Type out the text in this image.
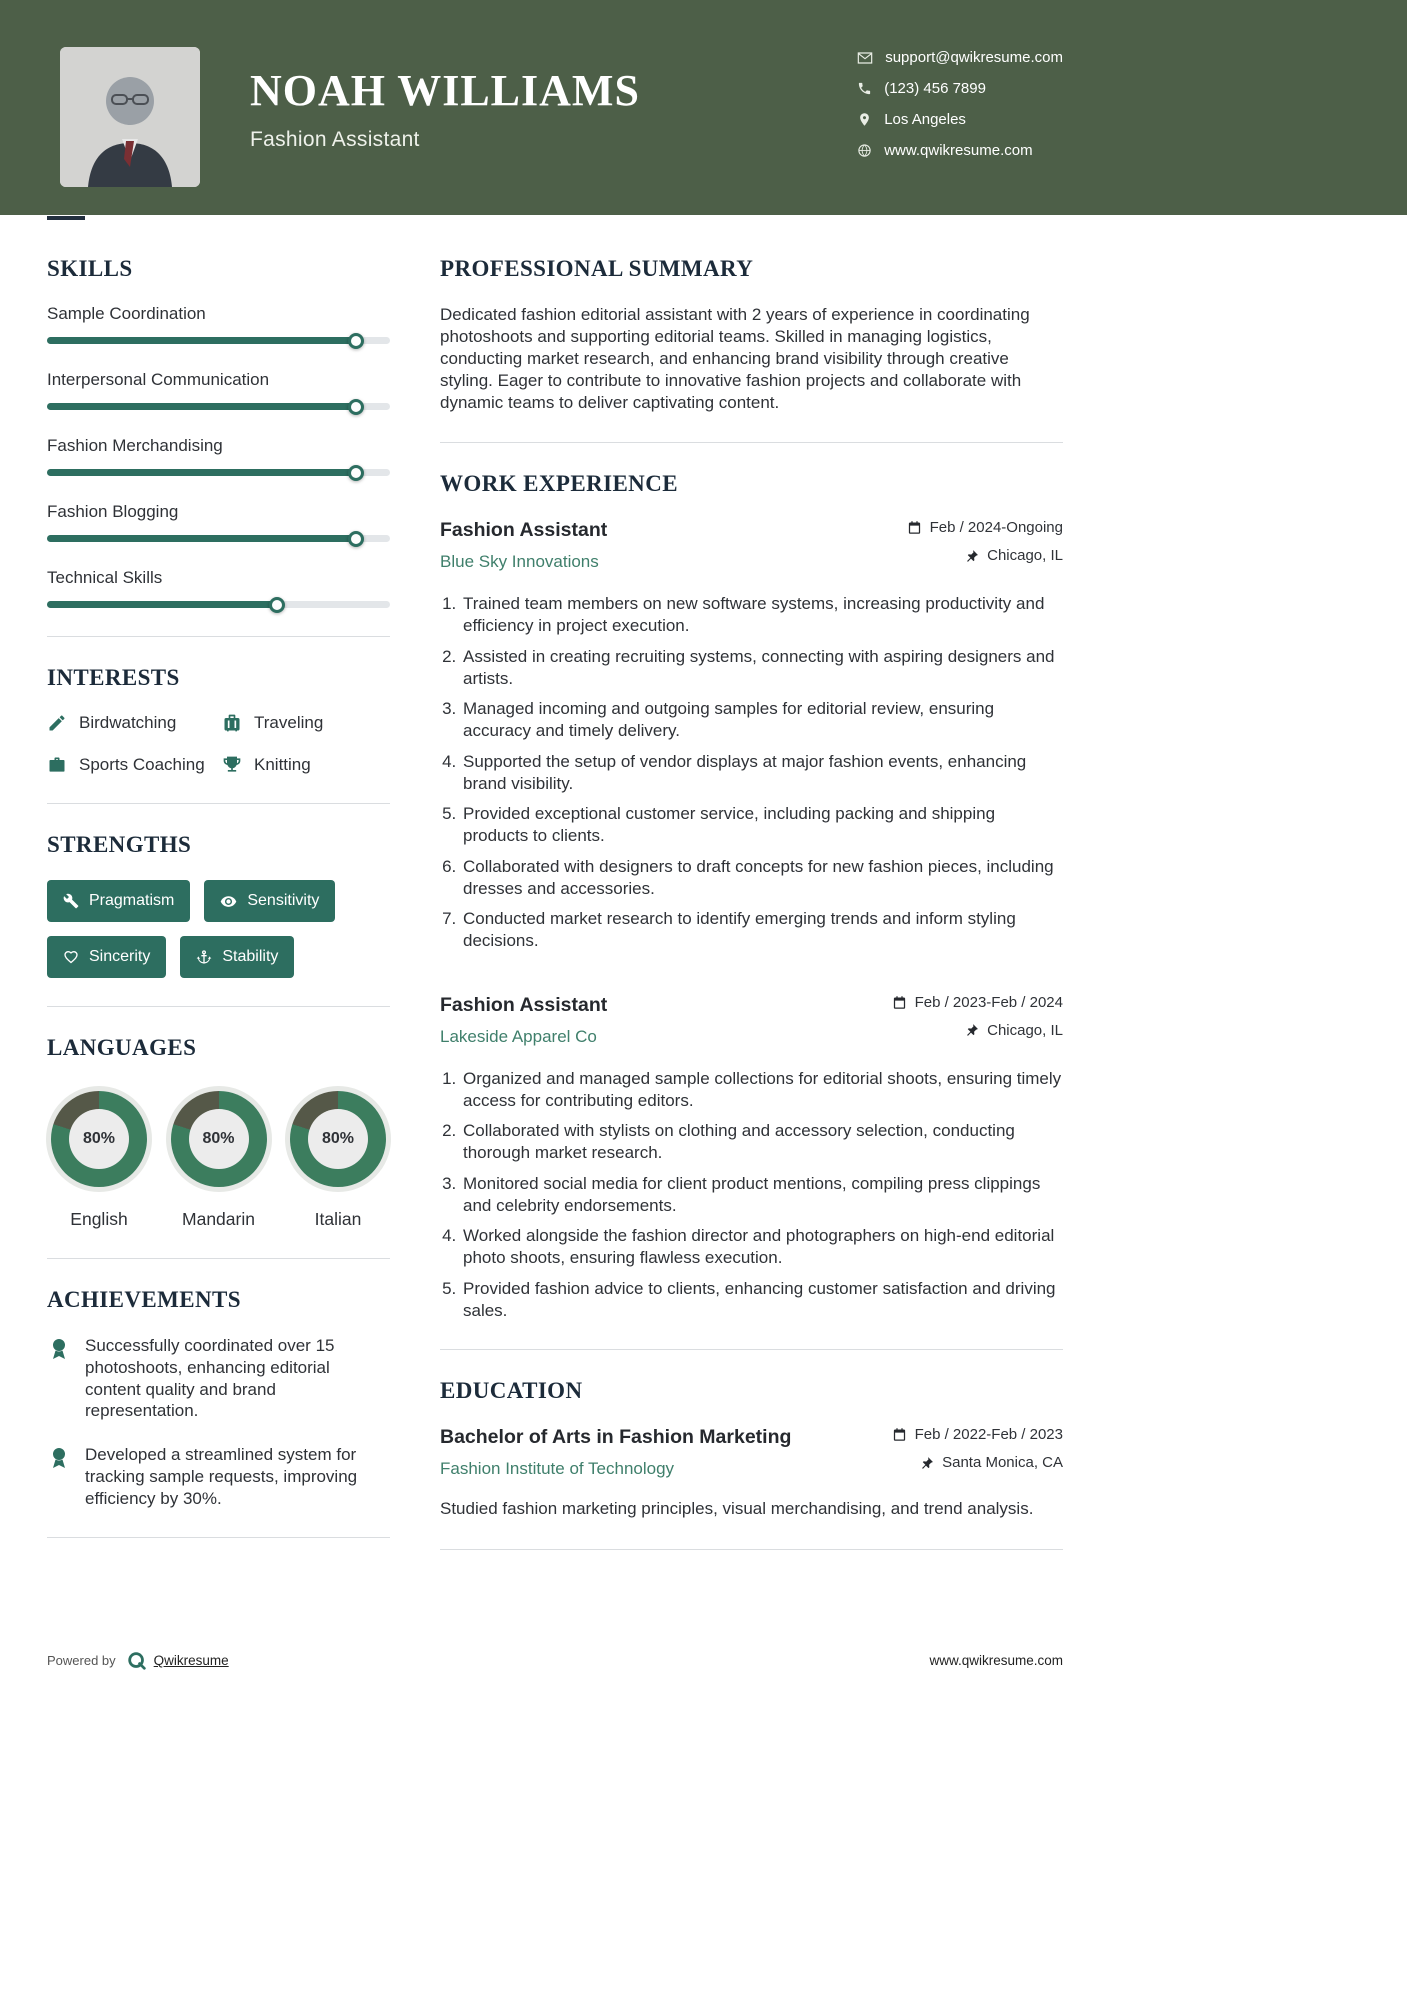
NOAH WILLIAMS
Fashion Assistant
support@qwikresume.com
(123) 456 7899
Los Angeles
www.qwikresume.com
SKILLS
Sample Coordination
Interpersonal Communication
Fashion Merchandising
Fashion Blogging
Technical Skills
INTERESTS
Birdwatching	Traveling
Sports Coaching	Knitting
STRENGTHS
Pragmatism	Sensitivity
Sincerity	Stability
LANGUAGES
80%
English
80%
Mandarin
80%
Italian
ACHIEVEMENTS

Successfully coordinated over 15 photoshoots, enhancing editorial content quality and brand representation.

Developed a streamlined system for tracking sample requests, improving efficiency by 30%.

PROFESSIONAL SUMMARY

Dedicated fashion editorial assistant with 2 years of experience in coordinating photoshoots and supporting editorial teams. Skilled in managing logistics, conducting market research, and enhancing brand visibility through creative styling. Eager to contribute to innovative fashion projects and collaborate with dynamic teams to deliver captivating content.

WORK EXPERIENCE
Fashion Assistant
Blue Sky Innovations
Feb / 2024-Ongoing
Chicago, IL
1. Trained team members on new software systems, increasing productivity and efficiency in project execution.
2. Assisted in creating recruiting systems, connecting with aspiring designers and artists.
3. Managed incoming and outgoing samples for editorial review, ensuring accuracy and timely delivery.
4. Supported the setup of vendor displays at major fashion events, enhancing brand visibility.
5. Provided exceptional customer service, including packing and shipping products to clients.
6. Collaborated with designers to draft concepts for new fashion pieces, including dresses and accessories.
7. Conducted market research to identify emerging trends and inform styling decisions.
Fashion Assistant
Lakeside Apparel Co
Feb / 2023-Feb / 2024
Chicago, IL
1. Organized and managed sample collections for editorial shoots, ensuring timely access for contributing editors.
2. Collaborated with stylists on clothing and accessory selection, conducting thorough market research.
3. Monitored social media for client product mentions, compiling press clippings and celebrity endorsements.
4. Worked alongside the fashion director and photographers on high-end editorial photo shoots, ensuring flawless execution.
5. Provided fashion advice to clients, enhancing customer satisfaction and driving sales.
EDUCATION
Bachelor of Arts in Fashion Marketing
Fashion Institute of Technology
Feb / 2022-Feb / 2023
Santa Monica, CA

Studied fashion marketing principles, visual merchandising, and trend analysis.

Powered by	Qwikresume	www.qwikresume.com
